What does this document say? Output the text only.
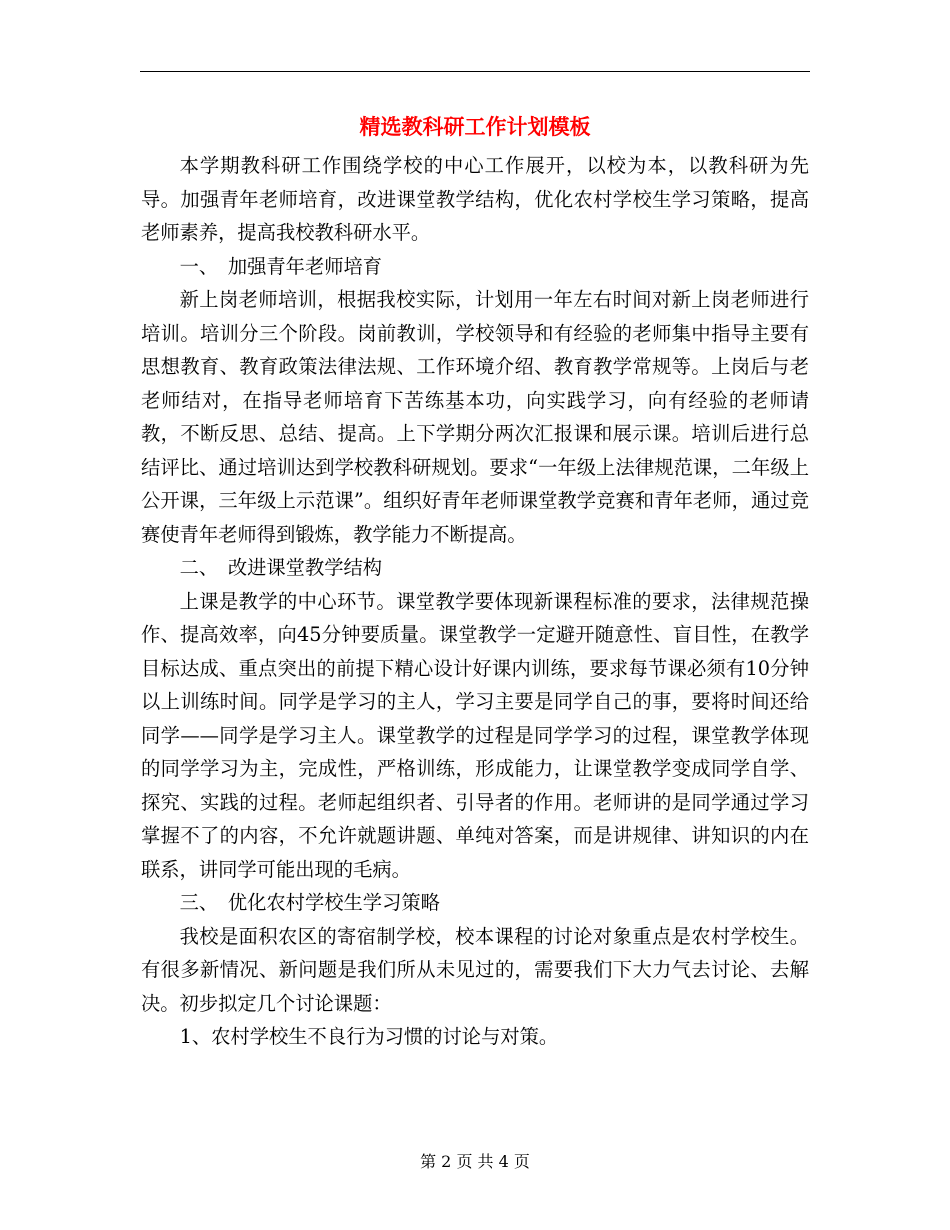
精选教科研工作计划模板

本学期教科研工作围绕学校的中心工作展开，以校为本，以教科研为先导。加强青年老师培育，改进课堂教学结构，优化农村学校生学习策略，提高老师素养，提高我校教科研水平。

一、 加强青年老师培育

新上岗老师培训，根据我校实际，计划用一年左右时间对新上岗老师进行培训。培训分三个阶段。岗前教训，学校领导和有经验的老师集中指导主要有思想教育、教育政策法律法规、工作环境介绍、教育教学常规等。上岗后与老老师结对，在指导老师培育下苦练基本功，向实践学习，向有经验的老师请教，不断反思、总结、提高。上下学期分两次汇报课和展示课。培训后进行总结评比、通过培训达到学校教科研规划。要求“一年级上法律规范课，二年级上公开课，三年级上示范课”。组织好青年老师课堂教学竞赛和青年老师，通过竞赛使青年老师得到锻炼，教学能力不断提高。

二、 改进课堂教学结构

上课是教学的中心环节。课堂教学要体现新课程标准的要求，法律规范操作、提高效率，向45分钟要质量。课堂教学一定避开随意性、盲目性，在教学目标达成、重点突出的前提下精心设计好课内训练，要求每节课必须有10分钟以上训练时间。同学是学习的主人，学习主要是同学自己的事，要将时间还给同学——同学是学习主人。课堂教学的过程是同学学习的过程，课堂教学体现的同学学习为主，完成性，严格训练，形成能力，让课堂教学变成同学自学、探究、实践的过程。老师起组织者、引导者的作用。老师讲的是同学通过学习掌握不了的内容，不允许就题讲题、单纯对答案，而是讲规律、讲知识的内在联系，讲同学可能出现的毛病。

三、 优化农村学校生学习策略

我校是面积农区的寄宿制学校，校本课程的讨论对象重点是农村学校生。有很多新情况、新问题是我们所从未见过的，需要我们下大力气去讨论、去解决。初步拟定几个讨论课题：

1、农村学校生不良行为习惯的讨论与对策。

第 2 页 共 4 页
